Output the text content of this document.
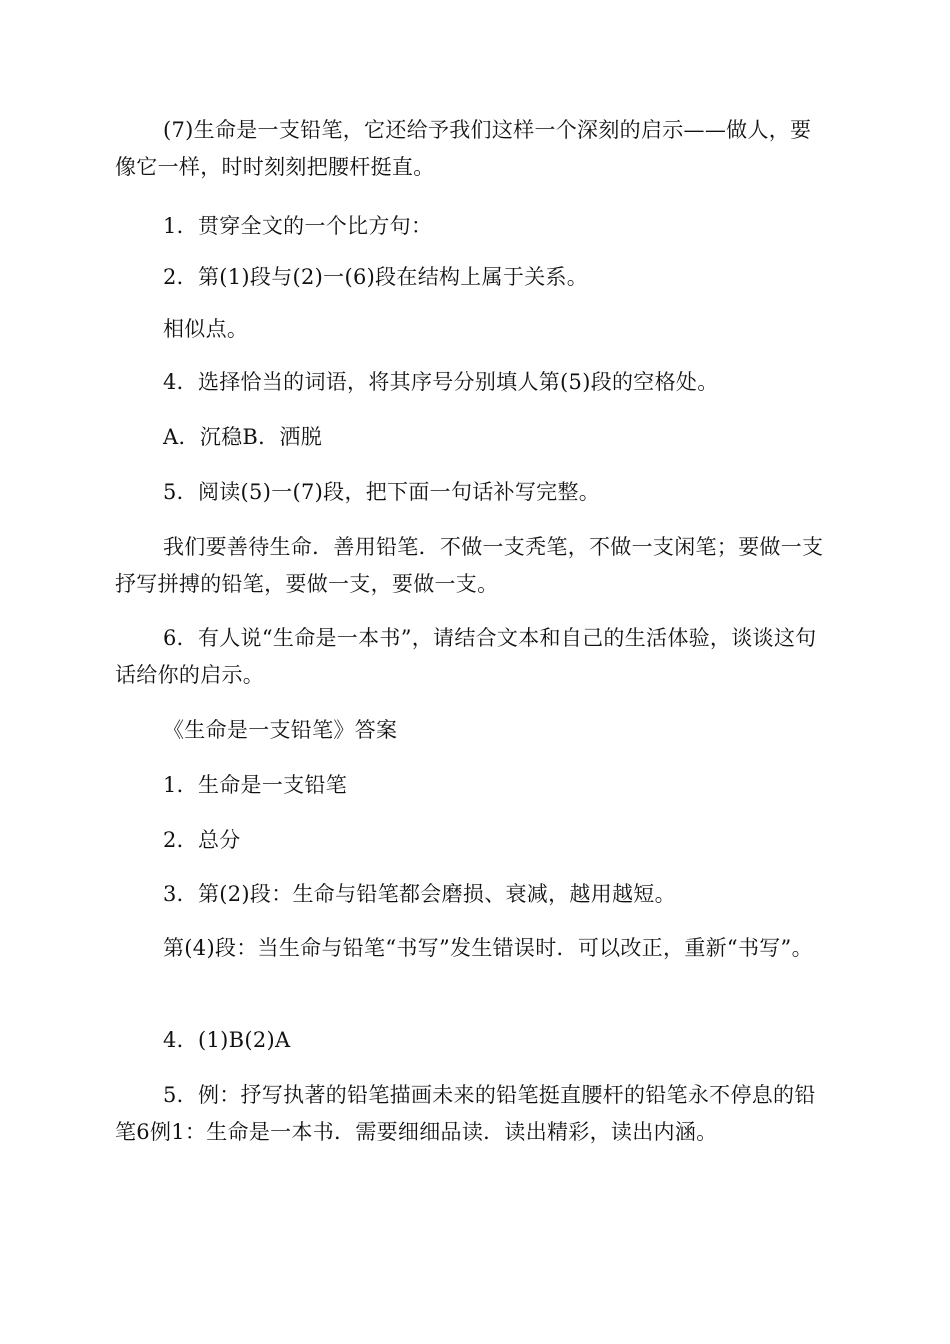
(7)生命是一支铅笔，它还给予我们这样一个深刻的启示——做人，要像它一样，时时刻刻把腰杆挺直。

1．贯穿全文的一个比方句：

2．第(1)段与(2)一(6)段在结构上属于关系。

相似点。

4．选择恰当的词语，将其序号分别填人第(5)段的空格处。

A．沉稳B．洒脱

5．阅读(5)一(7)段，把下面一句话补写完整。

我们要善待生命．善用铅笔．不做一支秃笔，不做一支闲笔；要做一支抒写拼搏的铅笔，要做一支，要做一支。

6．有人说“生命是一本书”，请结合文本和自己的生活体验，谈谈这句话给你的启示。

《生命是一支铅笔》答案

1．生命是一支铅笔

2．总分

3．第(2)段：生命与铅笔都会磨损、衰减，越用越短。

第(4)段：当生命与铅笔“书写”发生错误时．可以改正，重新“书写”。

4．(1)B(2)A

5．例：抒写执著的铅笔描画未来的铅笔挺直腰杆的铅笔永不停息的铅笔6例1：生命是一本书．需要细细品读．读出精彩，读出内涵。
